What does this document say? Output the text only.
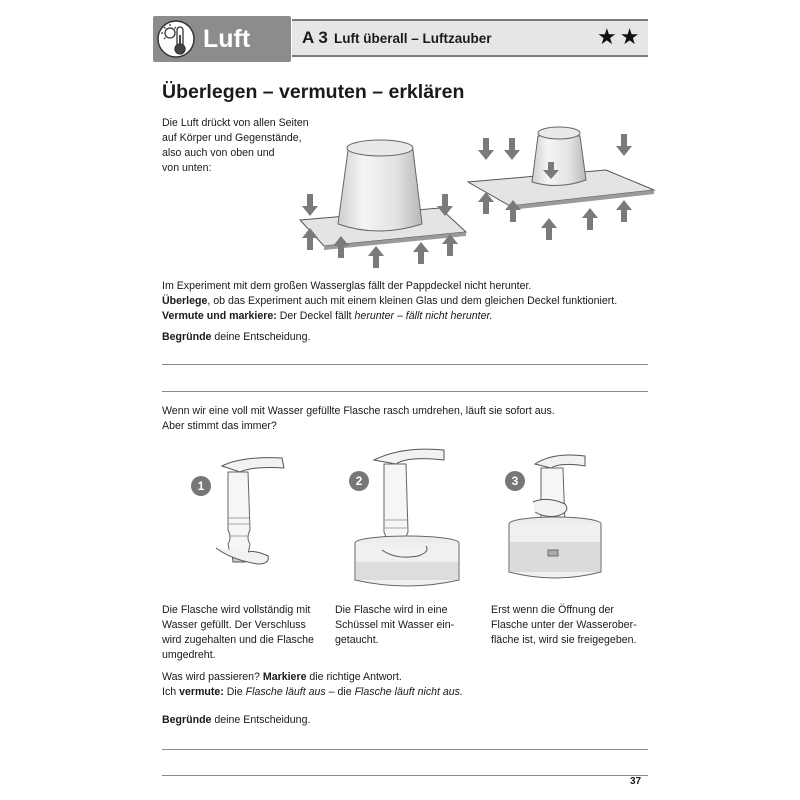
Luft	A 3 Luft überall – Luftzauber	★★
Überlegen – vermuten – erklären
Die Luft drückt von allen Seiten
auf Körper und Gegenstände,
also auch von oben und
von unten:
Im Experiment mit dem großen Wasserglas fällt der Pappdeckel nicht herunter.
Überlege, ob das Experiment auch mit einem kleinen Glas und dem gleichen Deckel funktioniert.
Vermute und markiere: Der Deckel fällt herunter – fällt nicht herunter.
Begründe deine Entscheidung.
Wenn wir eine voll mit Wasser gefüllte Flasche rasch umdrehen, läuft sie sofort aus.
Aber stimmt das immer?
1	2	3
Die Flasche wird vollständig mit
Wasser gefüllt. Der Verschluss
wird zugehalten und die Flasche
umgedreht.
Die Flasche wird in eine
Schüssel mit Wasser ein-
getaucht.
Erst wenn die Öffnung der
Flasche unter der Wasserober-
fläche ist, wird sie freigegeben.
Was wird passieren? Markiere die richtige Antwort.
Ich vermute: Die Flasche läuft aus – die Flasche läuft nicht aus.
Begründe deine Entscheidung.
37
